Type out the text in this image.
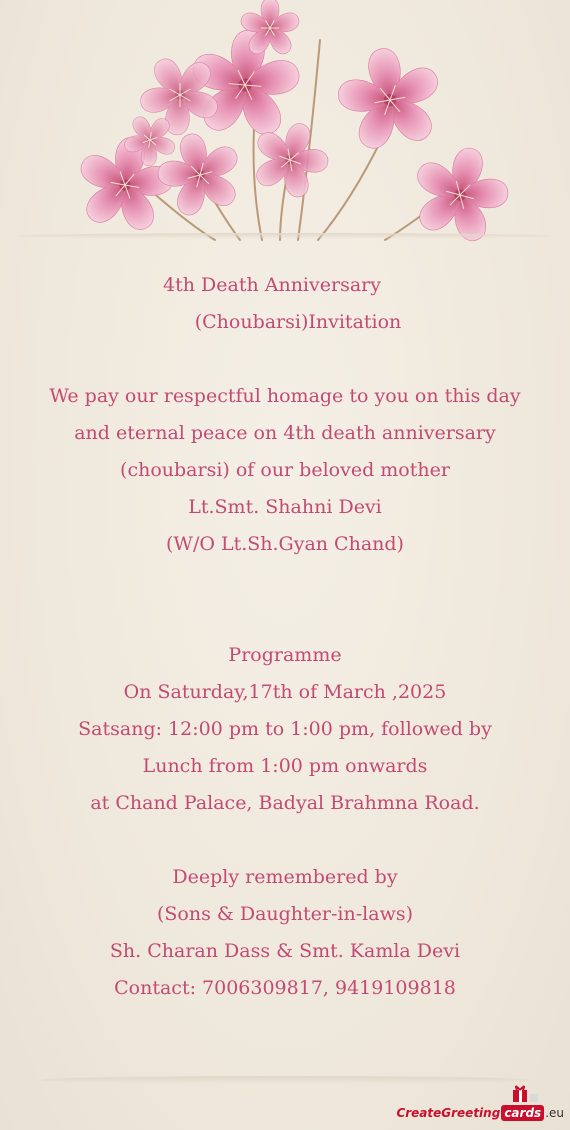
4th Death Anniversary
(Choubarsi)Invitation
We pay our respectful homage to you on this day
and eternal peace on 4th death anniversary
(choubarsi) of our beloved mother
Lt.Smt. Shahni Devi
(W/O Lt.Sh.Gyan Chand)
Programme
On Saturday,17th of March ,2025
Satsang: 12:00 pm to 1:00 pm, followed by
Lunch from 1:00 pm onwards
at Chand Palace, Badyal Brahmna Road.
Deeply remembered by
(Sons & Daughter-in-laws)
Sh. Charan Dass & Smt. Kamla Devi
Contact: 7006309817, 9419109818
CreateGreeting cards .eu
